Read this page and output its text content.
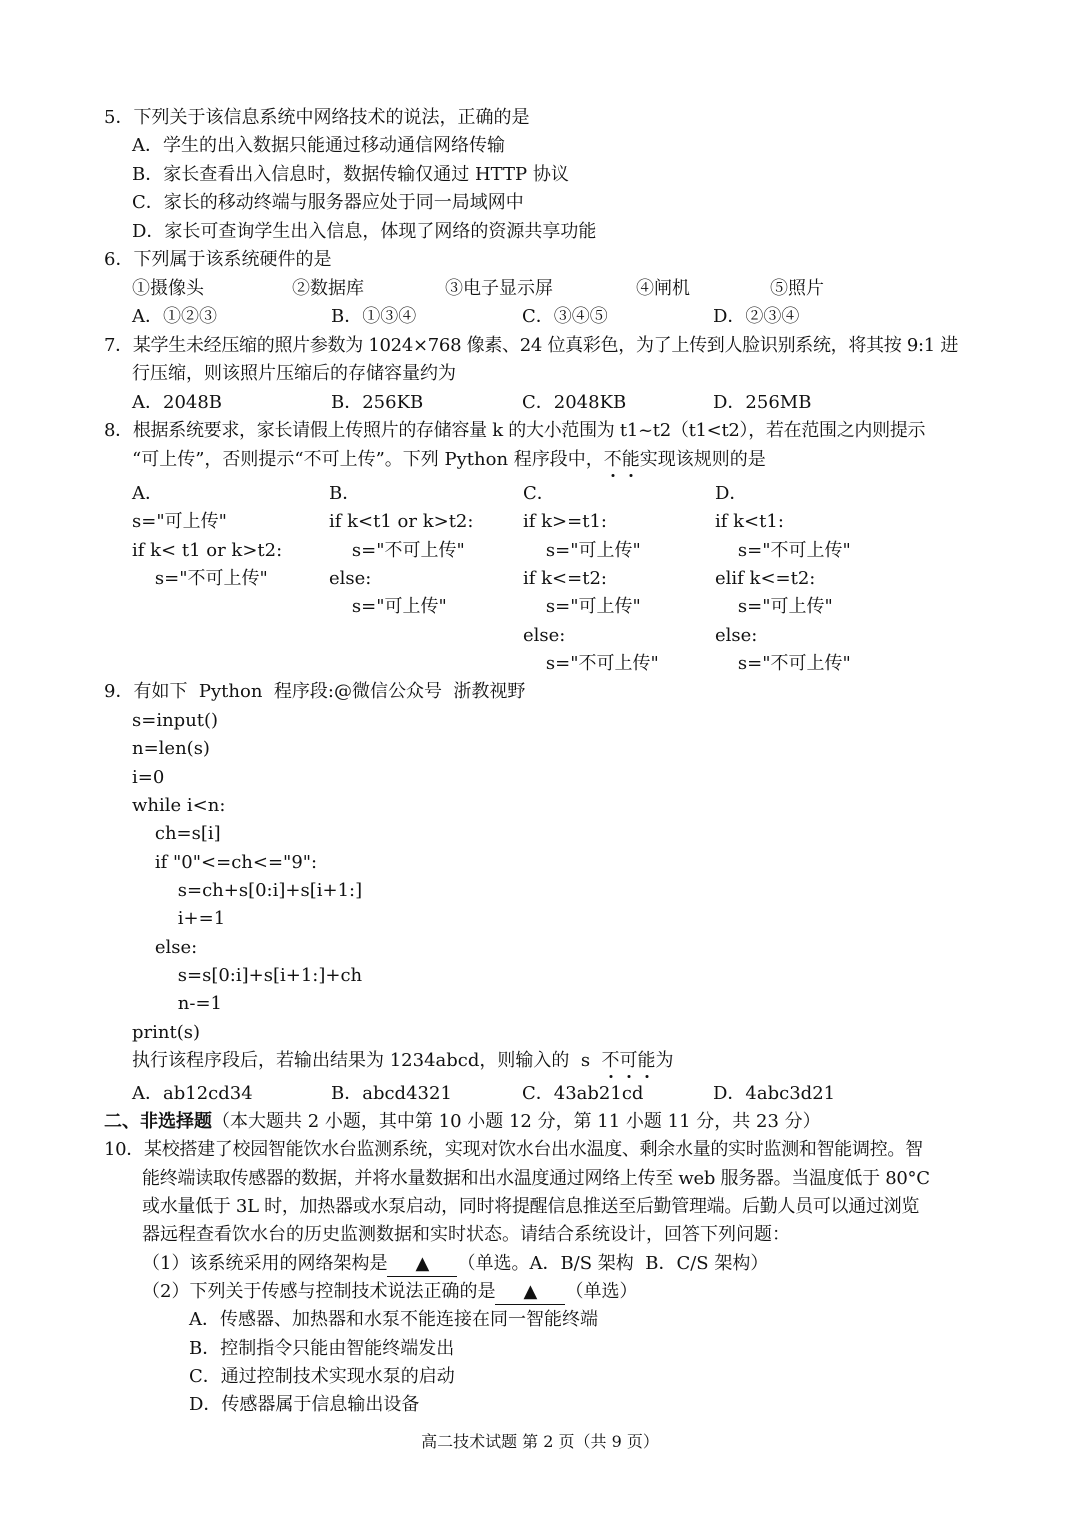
5．下列关于该信息系统中网络技术的说法，正确的是
A．学生的出入数据只能通过移动通信网络传输
B．家长查看出入信息时，数据传输仅通过 HTTP 协议
C．家长的移动终端与服务器应处于同一局域网中
D．家长可查询学生出入信息，体现了网络的资源共享功能
6．下列属于该系统硬件的是
①摄像头	②数据库	③电子显示屏	④闸机	⑤照片
A．①②③	B．①③④	C．③④⑤	D．②③④
7．某学生未经压缩的照片参数为 1024×768 像素、24 位真彩色，为了上传到人脸识别系统，将其按 9:1 进
行压缩，则该照片压缩后的存储容量约为
A．2048B	B．256KB	C．2048KB	D．256MB
8．根据系统要求，家长请假上传照片的存储容量 k 的大小范围为 t1~t2（t1<t2），若在范围之内则提示
“可上传”，否则提示“不可上传”。下列 Python 程序段中，不能实现该规则的是
A．
s="可上传"
if k< t1 or k>t2:
s="不可上传"
B．
if k<t1 or k>t2:
s="不可上传"
else:
s="可上传"
C．
if k>=t1:
s="可上传"
if k<=t2:
s="可上传"
else:
s="不可上传"
D．
if k<t1:
s="不可上传"
elif k<=t2:
s="可上传"
else:
s="不可上传"
9．有如下  Python  程序段:@微信公众号  浙教视野
s=input()
n=len(s)
i=0
while i<n:
ch=s[i]
if "0"<=ch<="9":
s=ch+s[0:i]+s[i+1:]
i+=1
else:
s=s[0:i]+s[i+1:]+ch
n-=1
print(s)
执行该程序段后，若输出结果为 1234abcd，则输入的  s  不可能为
A．ab12cd34	B．abcd4321	C．43ab21cd	D．4abc3d21
二、非选择题（本大题共 2 小题，其中第 10 小题 12 分，第 11 小题 11 分，共 23 分）
10．某校搭建了校园智能饮水台监测系统，实现对饮水台出水温度、剩余水量的实时监测和智能调控。智
能终端读取传感器的数据，并将水量数据和出水温度通过网络上传至 web 服务器。当温度低于 80°C
或水量低于 3L 时，加热器或水泵启动，同时将提醒信息推送至后勤管理端。后勤人员可以通过浏览
器远程查看饮水台的历史监测数据和实时状态。请结合系统设计，回答下列问题：
（1）该系统采用的网络架构是 ▲ （单选。A．B/S 架构  B．C/S 架构）
（2）下列关于传感与控制技术说法正确的是 ▲ （单选）
A．传感器、加热器和水泵不能连接在同一智能终端
B．控制指令只能由智能终端发出
C．通过控制技术实现水泵的启动
D．传感器属于信息输出设备
高二技术试题 第 2 页（共 9 页）
